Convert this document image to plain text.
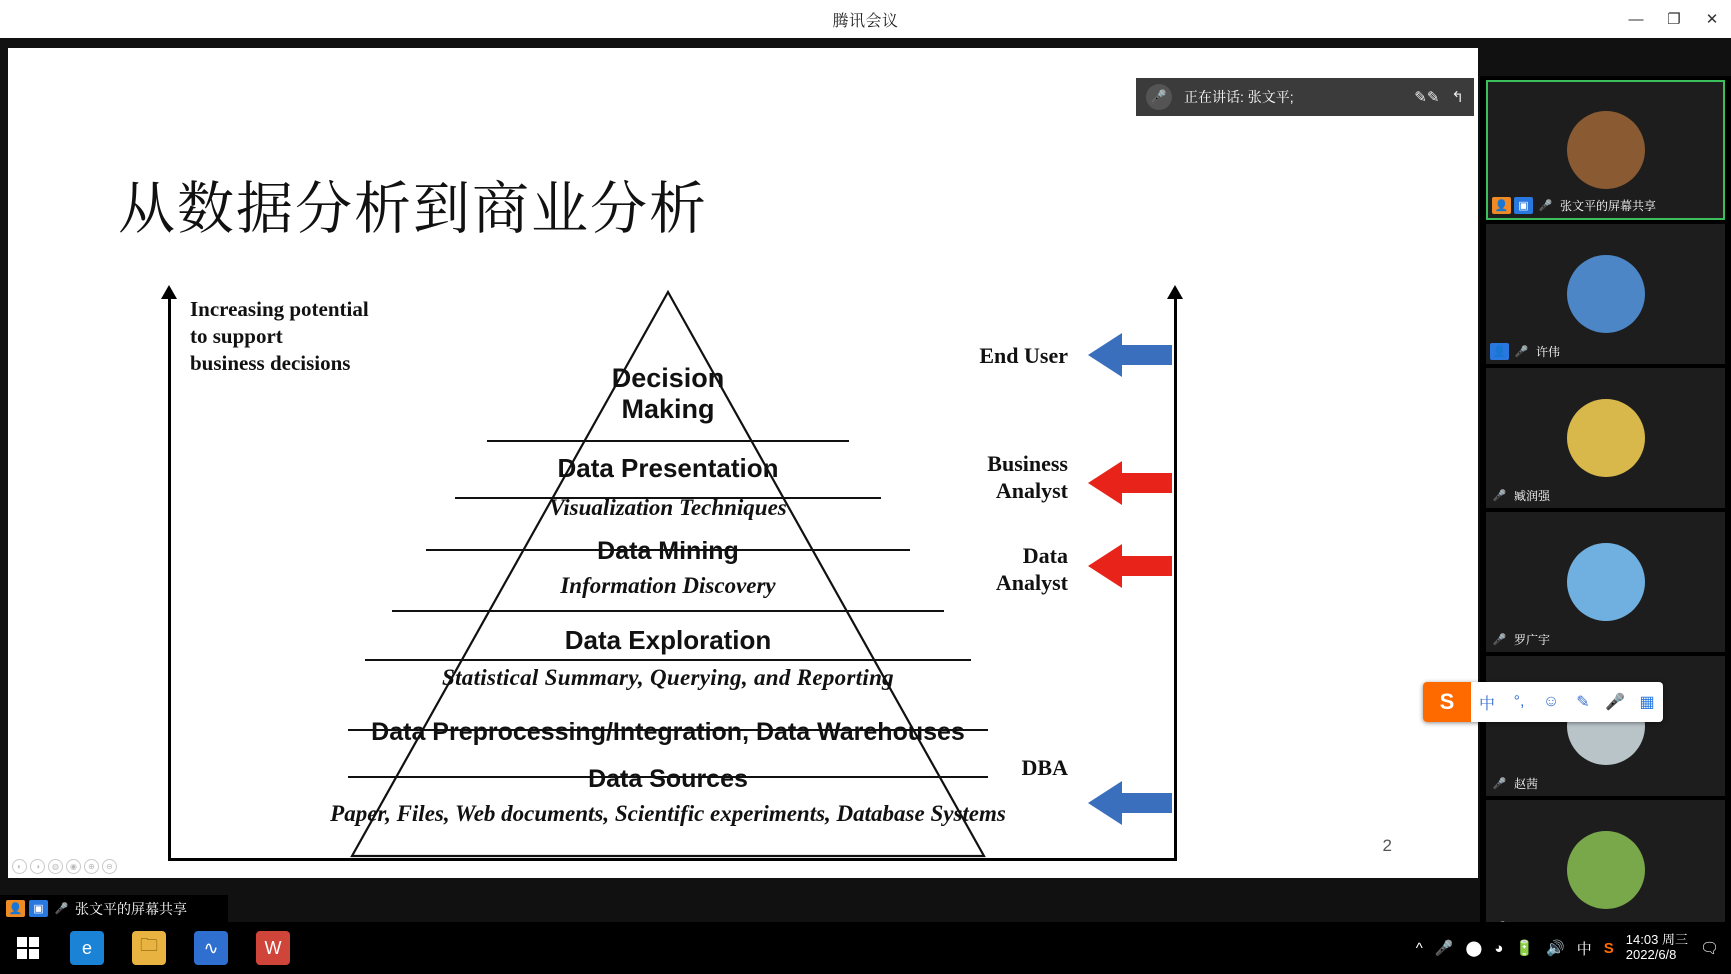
腾讯会议	—	❐	✕
从数据分析到商业分析
Increasing potential
to support
business decisions
Decision
Making
Data Presentation
Visualization Techniques
Data Mining
Information Discovery
Data Exploration
Statistical Summary, Querying, and Reporting
Data Preprocessing/Integration, Data Warehouses
Data Sources
Paper, Files, Web documents, Scientific experiments, Database Systems
End User
Business
Analyst
Data
Analyst
DBA
2
◐	◑	◍	◉	⊕	⊖
🎤	正在讲话: 张文平;	✎✎ ↰
👤 ▣ 🎤 张文平的屏幕共享
👤 🎤 许伟
🎤 臧润强
🎤 罗广宇
🎤 赵茜
S	中	°,	☺	✎ 🎤 ▦
👤 ▣ 🎤 张文平的屏幕共享
e	🗀	∿	W	^ 🎤 ⬤ ◕ 🔋 🔊 中 S 14:03 周三
2022/6/8	🗨
